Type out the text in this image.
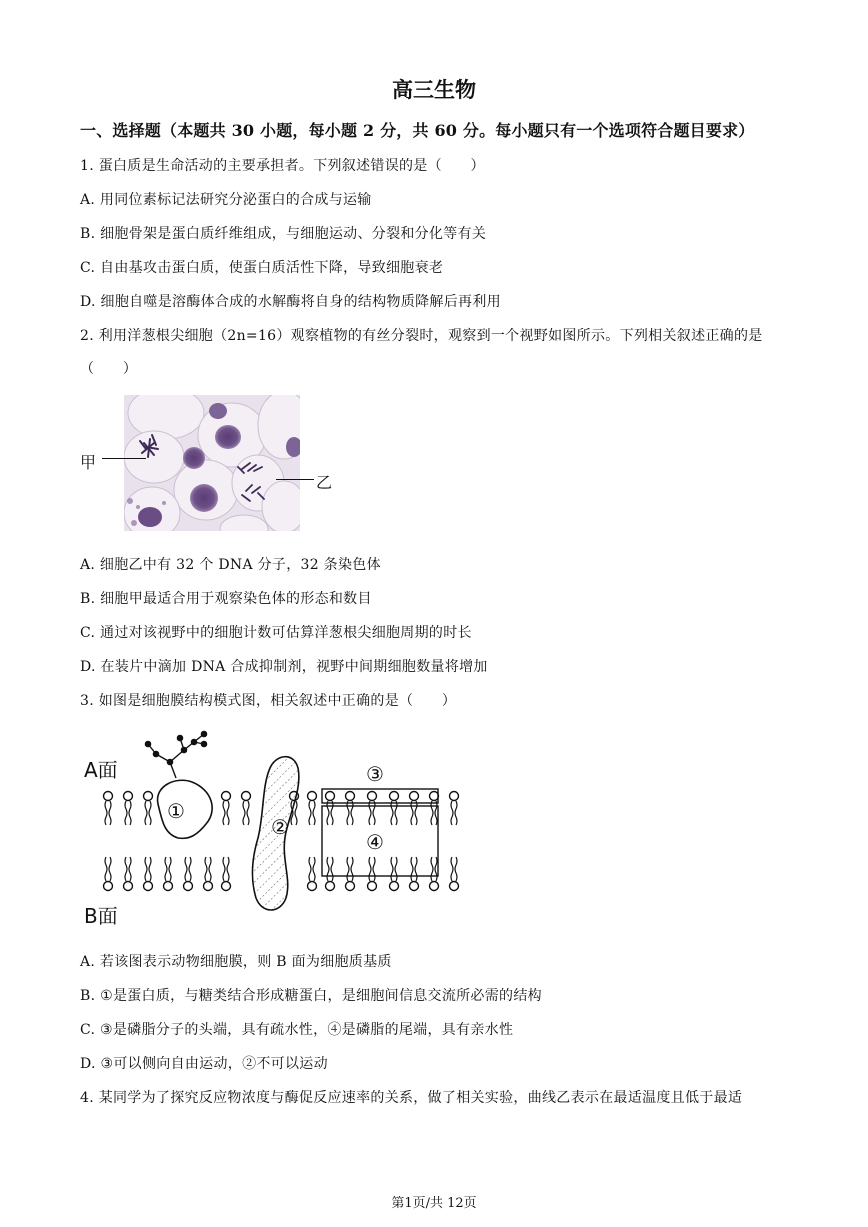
高三生物
一、选择题（本题共 30 小题，每小题 2 分，共 60 分。每小题只有一个选项符合题目要求）
1. 蛋白质是生命活动的主要承担者。下列叙述错误的是（　　）
A. 用同位素标记法研究分泌蛋白的合成与运输
B. 细胞骨架是蛋白质纤维组成，与细胞运动、分裂和分化等有关
C. 自由基攻击蛋白质，使蛋白质活性下降，导致细胞衰老
D. 细胞自噬是溶酶体合成的水解酶将自身的结构物质降解后再利用
2. 利用洋葱根尖细胞（2n=16）观察植物的有丝分裂时，观察到一个视野如图所示。下列相关叙述正确的是
（　　）
甲
乙
A. 细胞乙中有 32 个 DNA 分子，32 条染色体
B. 细胞甲最适合用于观察染色体的形态和数目
C. 通过对该视野中的细胞计数可估算洋葱根尖细胞周期的时长
D. 在装片中滴加 DNA 合成抑制剂，视野中间期细胞数量将增加
3. 如图是细胞膜结构模式图，相关叙述中正确的是（　　）
A面
B面
①
②
③
④
A. 若该图表示动物细胞膜，则 B 面为细胞质基质
B. ①是蛋白质，与糖类结合形成糖蛋白，是细胞间信息交流所必需的结构
C. ③是磷脂分子的头端，具有疏水性，④是磷脂的尾端，具有亲水性
D. ③可以侧向自由运动，②不可以运动
4. 某同学为了探究反应物浓度与酶促反应速率的关系，做了相关实验，曲线乙表示在最适温度且低于最适
第1页/共 12页
